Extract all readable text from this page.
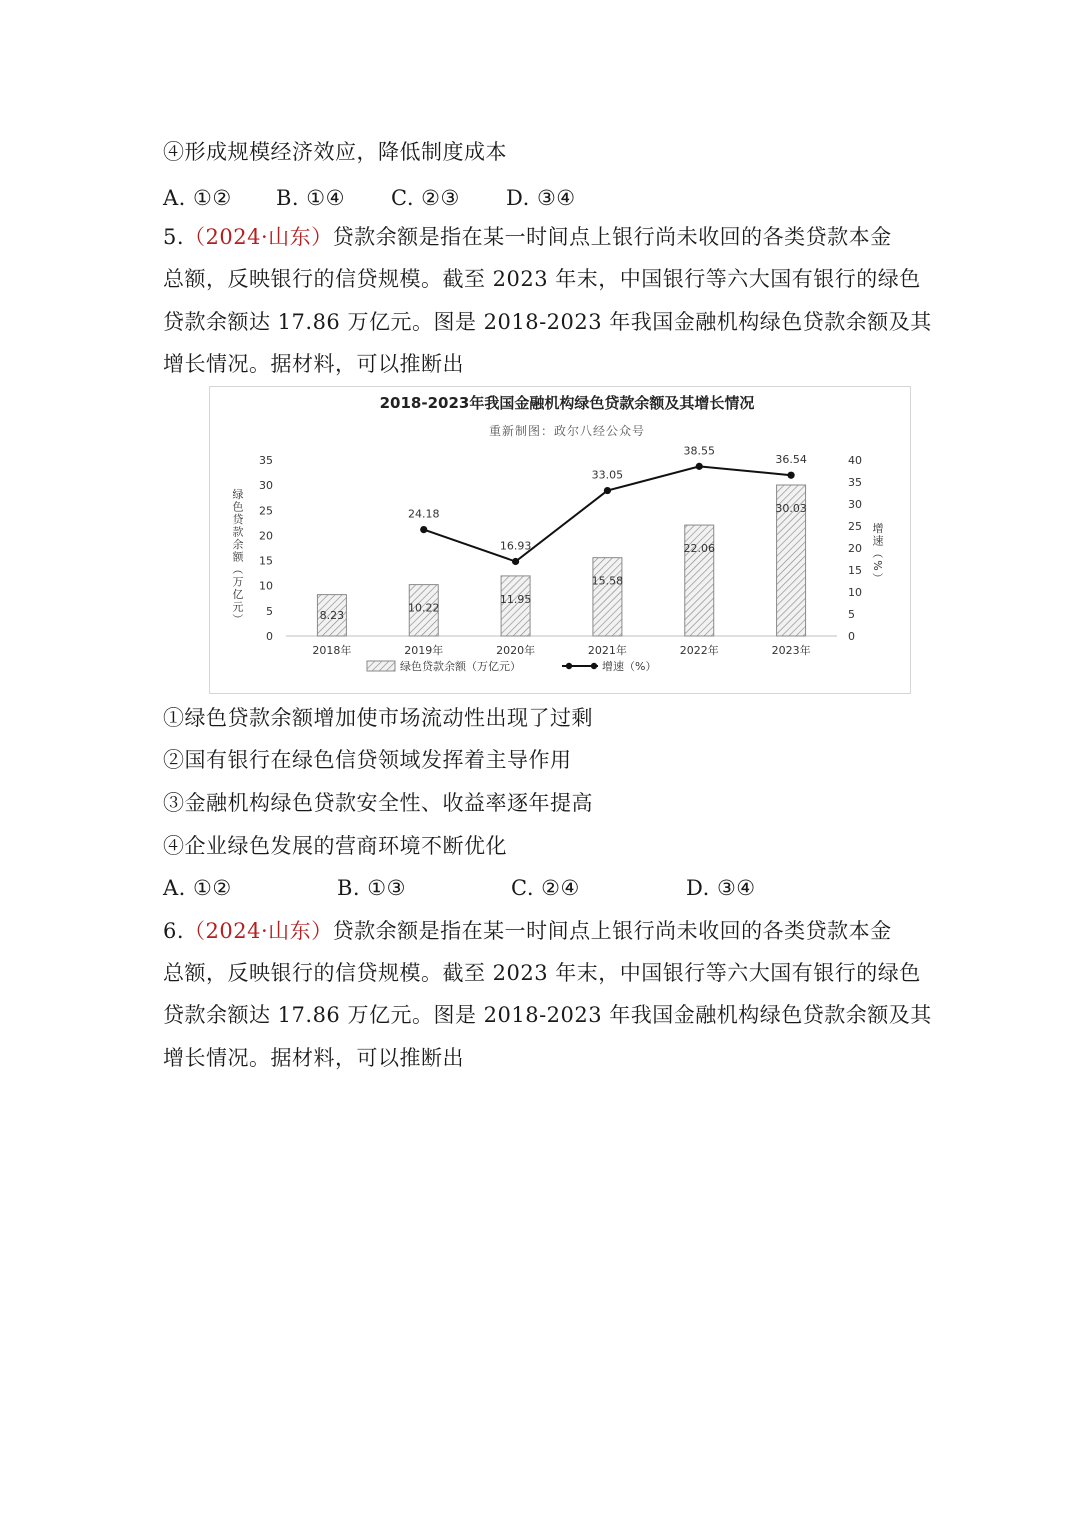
④形成规模经济效应，降低制度成本
A. ①② B. ①④ C. ②③ D. ③④
5.（2024·山东）贷款余额是指在某一时间点上银行尚未收回的各类贷款本金
总额，反映银行的信贷规模。截至 2023 年末，中国银行等六大国有银行的绿色
贷款余额达 17.86 万亿元。图是 2018-2023 年我国金融机构绿色贷款余额及其
增长情况。据材料，可以推断出
2018-2023年我国金融机构绿色贷款余额及其增长情况
重新制图：政尔八经公众号
0
5
10
15
20
25
30
35
0
5
10
15
20
25
30
35
40
绿
色
贷
款
余
额
（
万
亿
元
）
增
速
（
%
）
8.23
10.22
11.95
15.58
22.06
30.03
2018年	2019年	2020年	2021年	2022年	2023年
24.18
16.93
33.05
38.55
36.54
绿色贷款余额（万亿元）	增速（%）
①绿色贷款余额增加使市场流动性出现了过剩
②国有银行在绿色信贷领域发挥着主导作用
③金融机构绿色贷款安全性、收益率逐年提高
④企业绿色发展的营商环境不断优化
A. ①②	B. ①③	C. ②④	D. ③④
6.（2024·山东）贷款余额是指在某一时间点上银行尚未收回的各类贷款本金
总额，反映银行的信贷规模。截至 2023 年末，中国银行等六大国有银行的绿色
贷款余额达 17.86 万亿元。图是 2018-2023 年我国金融机构绿色贷款余额及其
增长情况。据材料，可以推断出
